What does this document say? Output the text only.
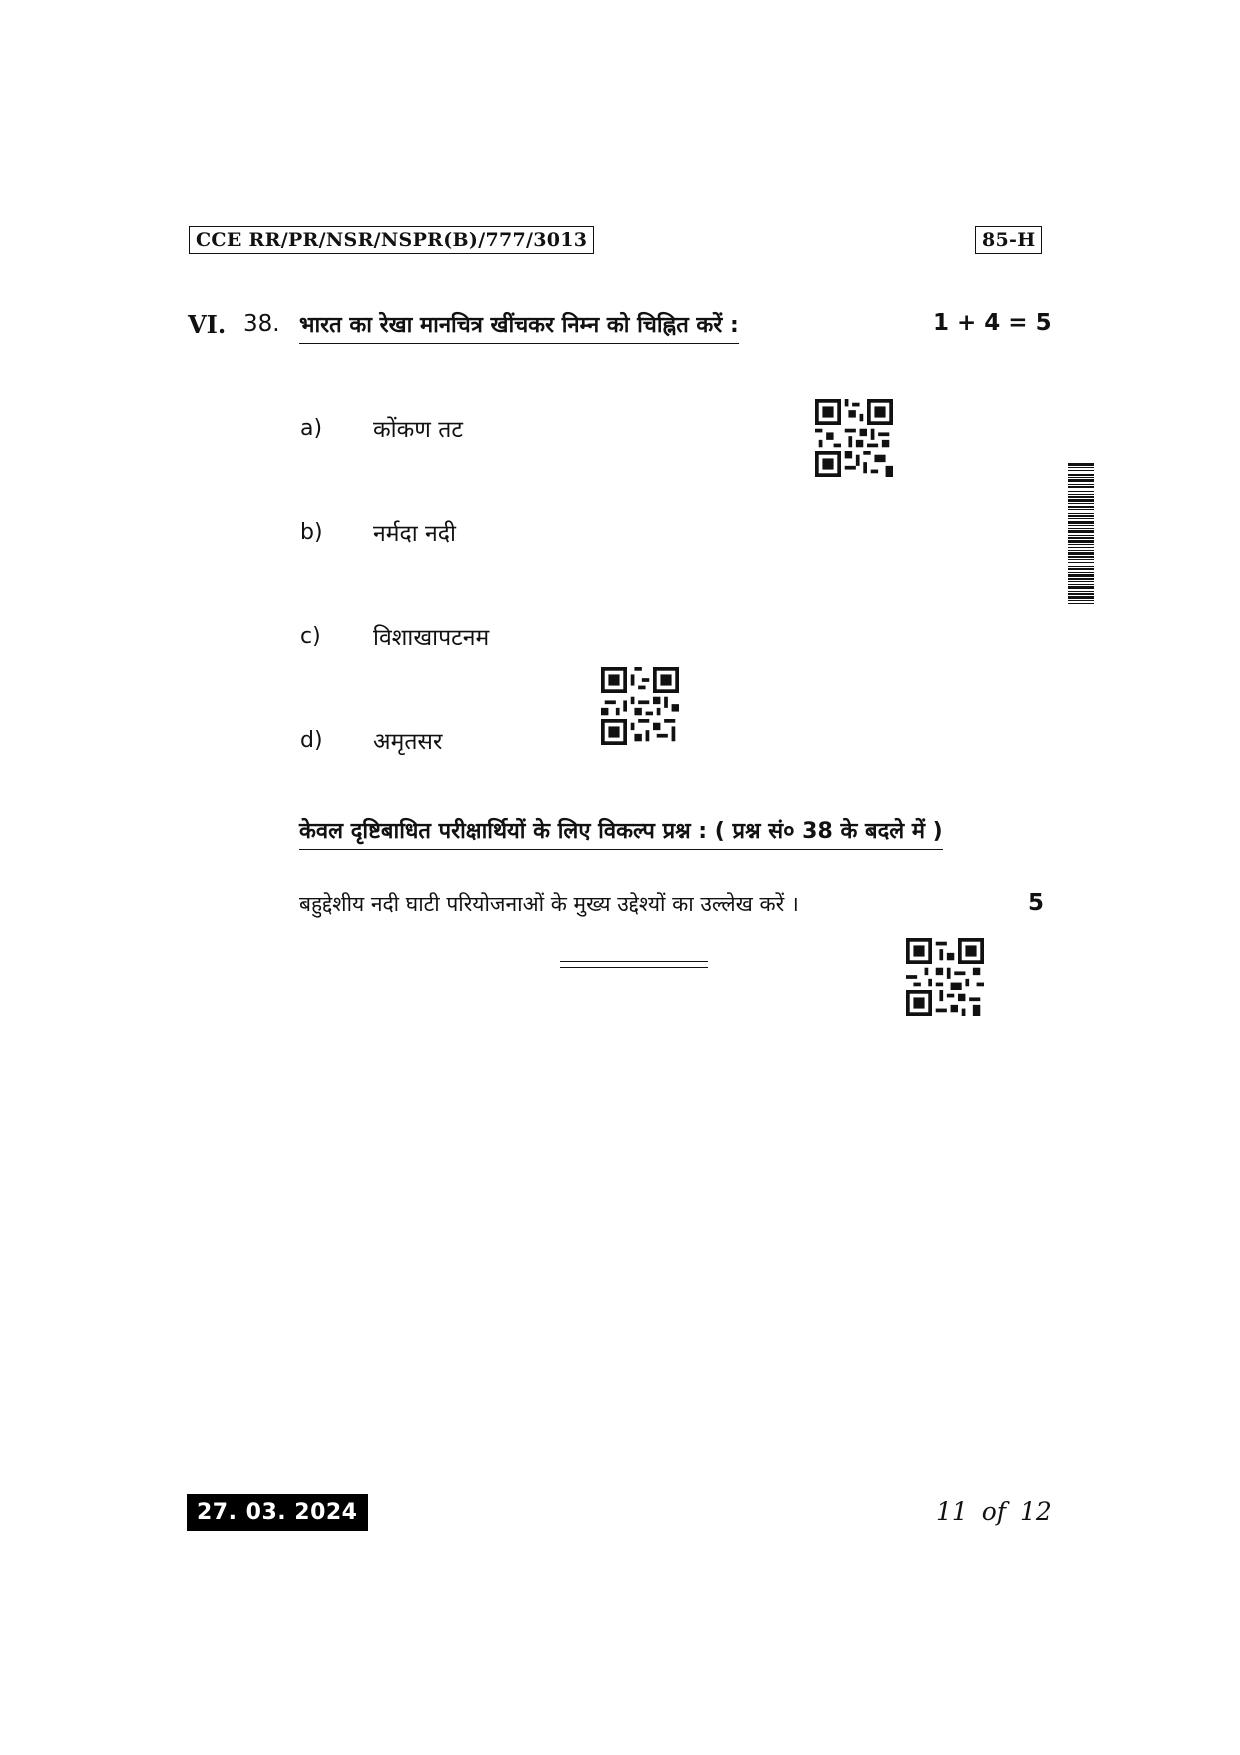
CCE RR/PR/NSR/NSPR(B)/777/3013	85-H
VI. 38. भारत का रेखा मानचित्र खींचकर निम्न को चिह्नित करें :	1 + 4 = 5
a) कोंकण तट
b) नर्मदा नदी
c) विशाखापटनम
d) अमृतसर
केवल दृष्टिबाधित परीक्षार्थियों के लिए विकल्प प्रश्न : ( प्रश्न सं० 38 के बदले में )
बहुद्देशीय नदी घाटी परियोजनाओं के मुख्य उद्देश्यों का उल्लेख करें ।	5
27. 03. 2024	11 of 12
